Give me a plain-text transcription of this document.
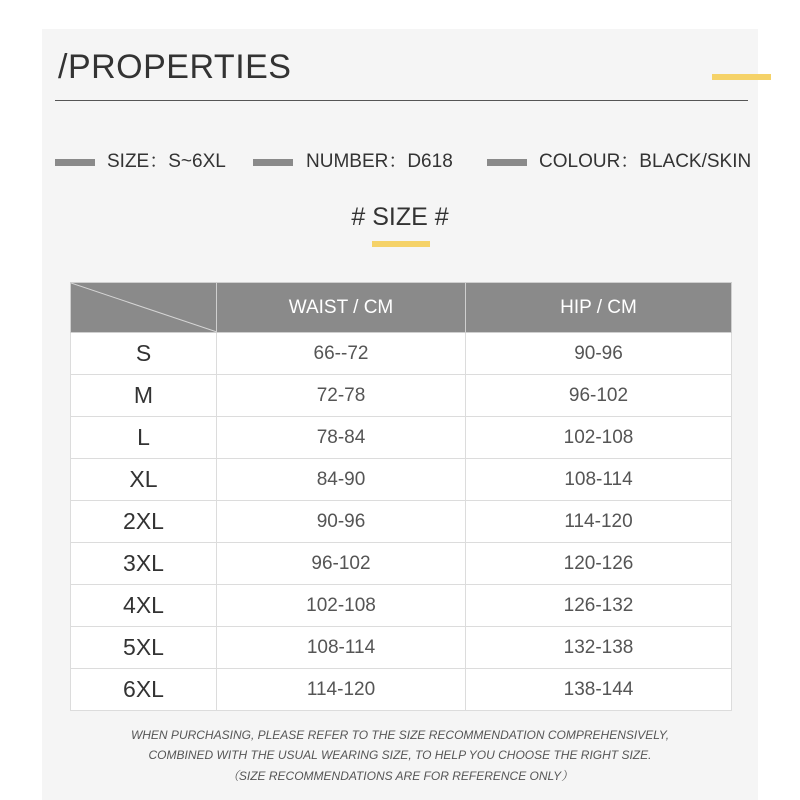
/PROPERTIES
SIZE：S~6XL	NUMBER：D618	COLOUR：BLACK/SKIN
# SIZE #
	WAIST / CM	HIP / CM
S	66--72	90-96
M	72-78	96-102
L	78-84	102-108
XL	84-90	108-114
2XL	90-96	114-120
3XL	96-102	120-126
4XL	102-108	126-132
5XL	108-114	132-138
6XL	114-120	138-144
WHEN PURCHASING, PLEASE REFER TO THE SIZE RECOMMENDATION COMPREHENSIVELY,
COMBINED WITH THE USUAL WEARING SIZE, TO HELP YOU CHOOSE THE RIGHT SIZE.
（SIZE RECOMMENDATIONS ARE FOR REFERENCE ONLY）
